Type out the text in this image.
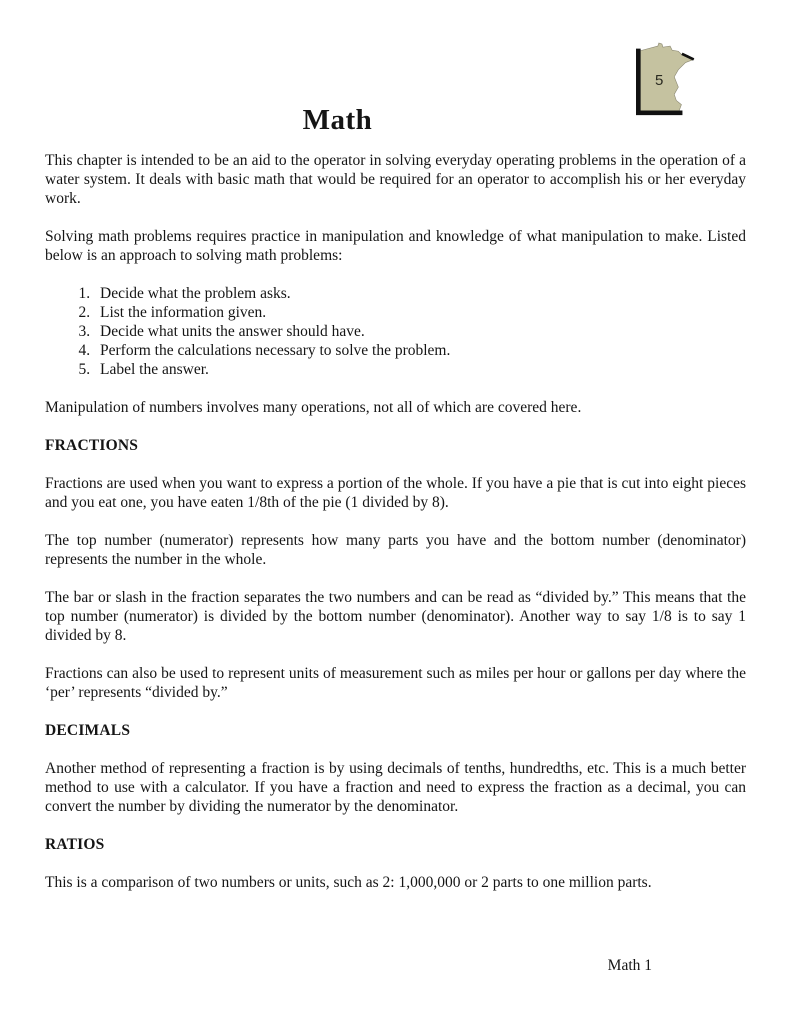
5
Math

This chapter is intended to be an aid to the operator in solving everyday operating problems in the operation of a water system. It deals with basic math that would be required for an operator to accomplish his or her everyday work.

Solving math problems requires practice in manipulation and knowledge of what manipulation to make. Listed below is an approach to solving math problems:

1. Decide what the problem asks.
2. List the information given.
3. Decide what units the answer should have.
4. Perform the calculations necessary to solve the problem.
5. Label the answer.

Manipulation of numbers involves many operations, not all of which are covered here.

FRACTIONS

Fractions are used when you want to express a portion of the whole. If you have a pie that is cut into eight pieces and you eat one, you have eaten 1/8th of the pie (1 divided by 8).

The top number (numerator) represents how many parts you have and the bottom number (denominator) represents the number in the whole.

The bar or slash in the fraction separates the two numbers and can be read as “divided by.” This means that the top number (numerator) is divided by the bottom number (denominator). Another way to say 1/8 is to say 1 divided by 8.

Fractions can also be used to represent units of measurement such as miles per hour or gallons per day where the ‘per’ represents “divided by.”

DECIMALS

Another method of representing a fraction is by using decimals of tenths, hundredths, etc. This is a much better method to use with a calculator. If you have a fraction and need to express the fraction as a decimal, you can convert the number by dividing the numerator by the denominator.

RATIOS

This is a comparison of two numbers or units, such as 2: 1,000,000 or 2 parts to one million parts.

Math 1
